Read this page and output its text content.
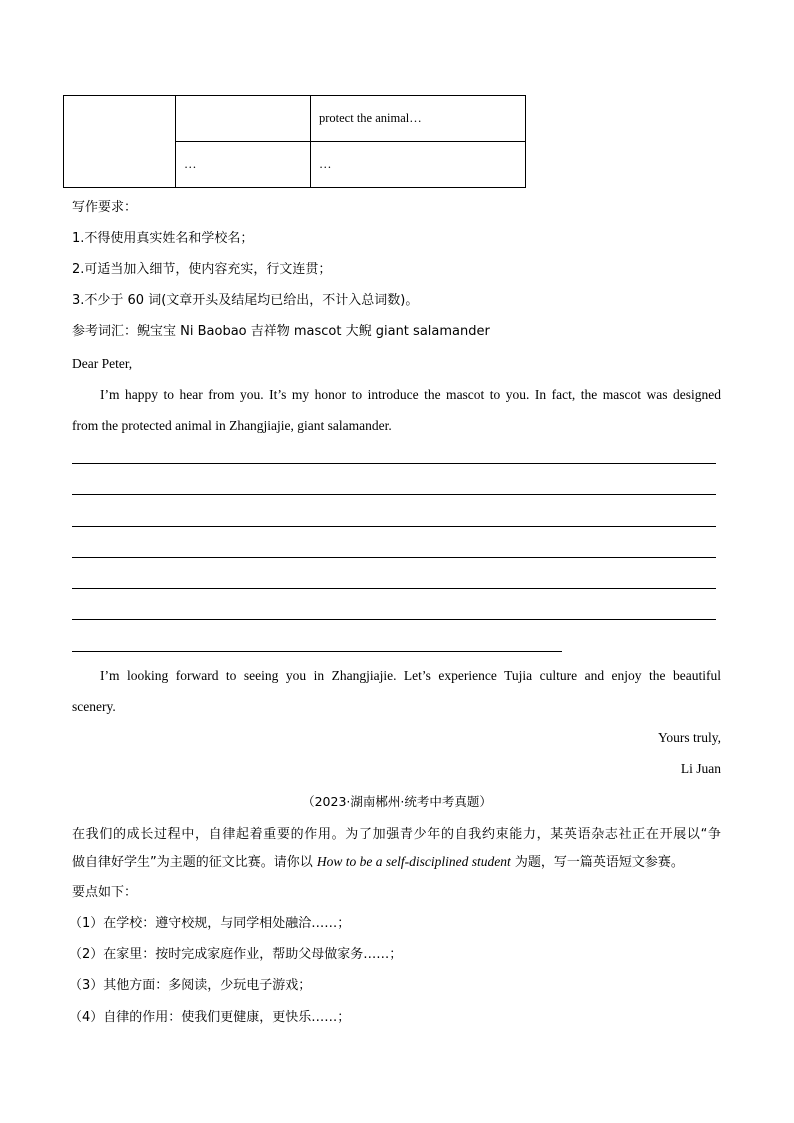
		protect the animal…
	…	…
写作要求：
1.不得使用真实姓名和学校名；
2.可适当加入细节，使内容充实，行文连贯；
3.不少于 60 词(文章开头及结尾均已给出，不计入总词数)。
参考词汇：鲵宝宝 Ni Baobao 吉祥物 mascot 大鲵 giant salamander
Dear Peter,
I’m happy to hear from you. It’s my honor to introduce the mascot to you. In fact, the mascot was designed
from the protected animal in Zhangjiajie, giant salamander.
I’m looking forward to seeing you in Zhangjiajie. Let’s experience Tujia culture and enjoy the beautiful
scenery.
Yours truly,
Li Juan
（2023·湖南郴州·统考中考真题）
在我们的成长过程中，自律起着重要的作用。为了加强青少年的自我约束能力，某英语杂志社正在开展以“争
做自律好学生”为主题的征文比赛。请你以 How to be a self-disciplined student 为题，写一篇英语短文参赛。
要点如下：
（1）在学校：遵守校规，与同学相处融洽……；
（2）在家里：按时完成家庭作业，帮助父母做家务……；
（3）其他方面：多阅读，少玩电子游戏；
（4）自律的作用：使我们更健康，更快乐……；
